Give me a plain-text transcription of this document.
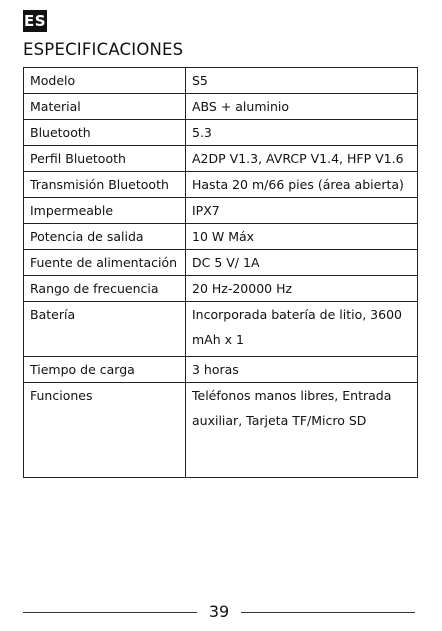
ES
ESPECIFICACIONES
Modelo	S5
Material	ABS + aluminio
Bluetooth	5.3
Perfil Bluetooth	A2DP V1.3, AVRCP V1.4, HFP V1.6
Transmisión Bluetooth	Hasta 20 m/66 pies (área abierta)
Impermeable	IPX7
Potencia de salida	10 W Máx
Fuente de alimentación	DC 5 V/ 1A
Rango de frecuencia	20 Hz-20000 Hz
Batería	Incorporada batería de litio, 3600 mAh x 1
Tiempo de carga	3 horas
Funciones	Teléfonos manos libres, Entrada auxiliar, Tarjeta TF/Micro SD
39
